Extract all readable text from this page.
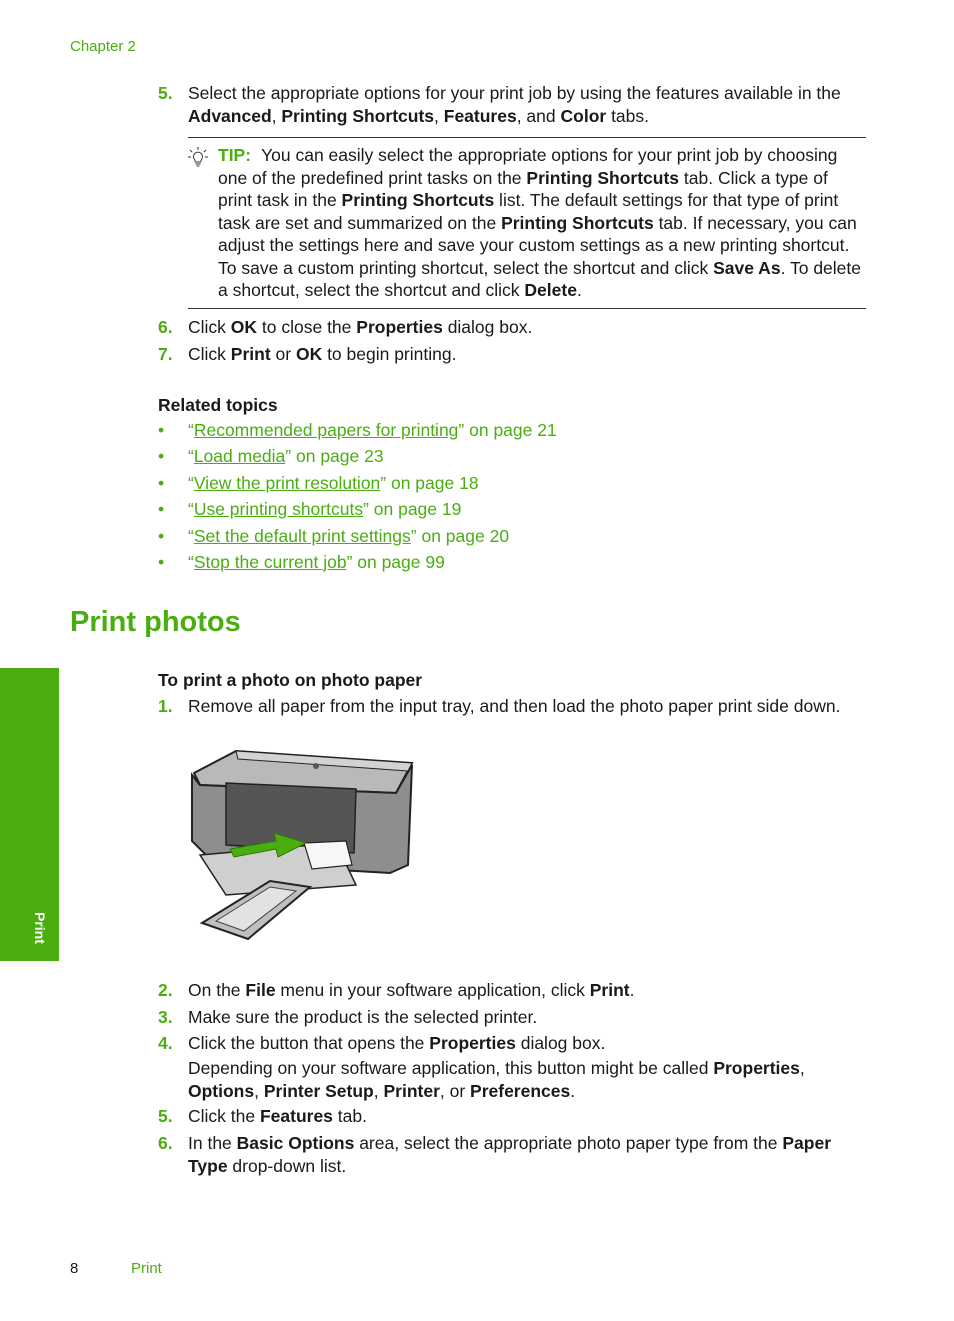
Chapter 2
5. Select the appropriate options for your print job by using the features available in the Advanced, Printing Shortcuts, Features, and Color tabs.
TIP: You can easily select the appropriate options for your print job by choosing one of the predefined print tasks on the Printing Shortcuts tab. Click a type of print task in the Printing Shortcuts list. The default settings for that type of print task are set and summarized on the Printing Shortcuts tab. If necessary, you can adjust the settings here and save your custom settings as a new printing shortcut. To save a custom printing shortcut, select the shortcut and click Save As. To delete a shortcut, select the shortcut and click Delete.
6. Click OK to close the Properties dialog box.
7. Click Print or OK to begin printing.
Related topics
• “Recommended papers for printing” on page 21
• “Load media” on page 23
• “View the print resolution” on page 18
• “Use printing shortcuts” on page 19
• “Set the default print settings” on page 20
• “Stop the current job” on page 99
Print photos
To print a photo on photo paper
1. Remove all paper from the input tray, and then load the photo paper print side down.
2. On the File menu in your software application, click Print.
3. Make sure the product is the selected printer.
4. Click the button that opens the Properties dialog box.
Depending on your software application, this button might be called Properties, Options, Printer Setup, Printer, or Preferences.
5. Click the Features tab.
6. In the Basic Options area, select the appropriate photo paper type from the Paper Type drop-down list.
Print
8	Print
